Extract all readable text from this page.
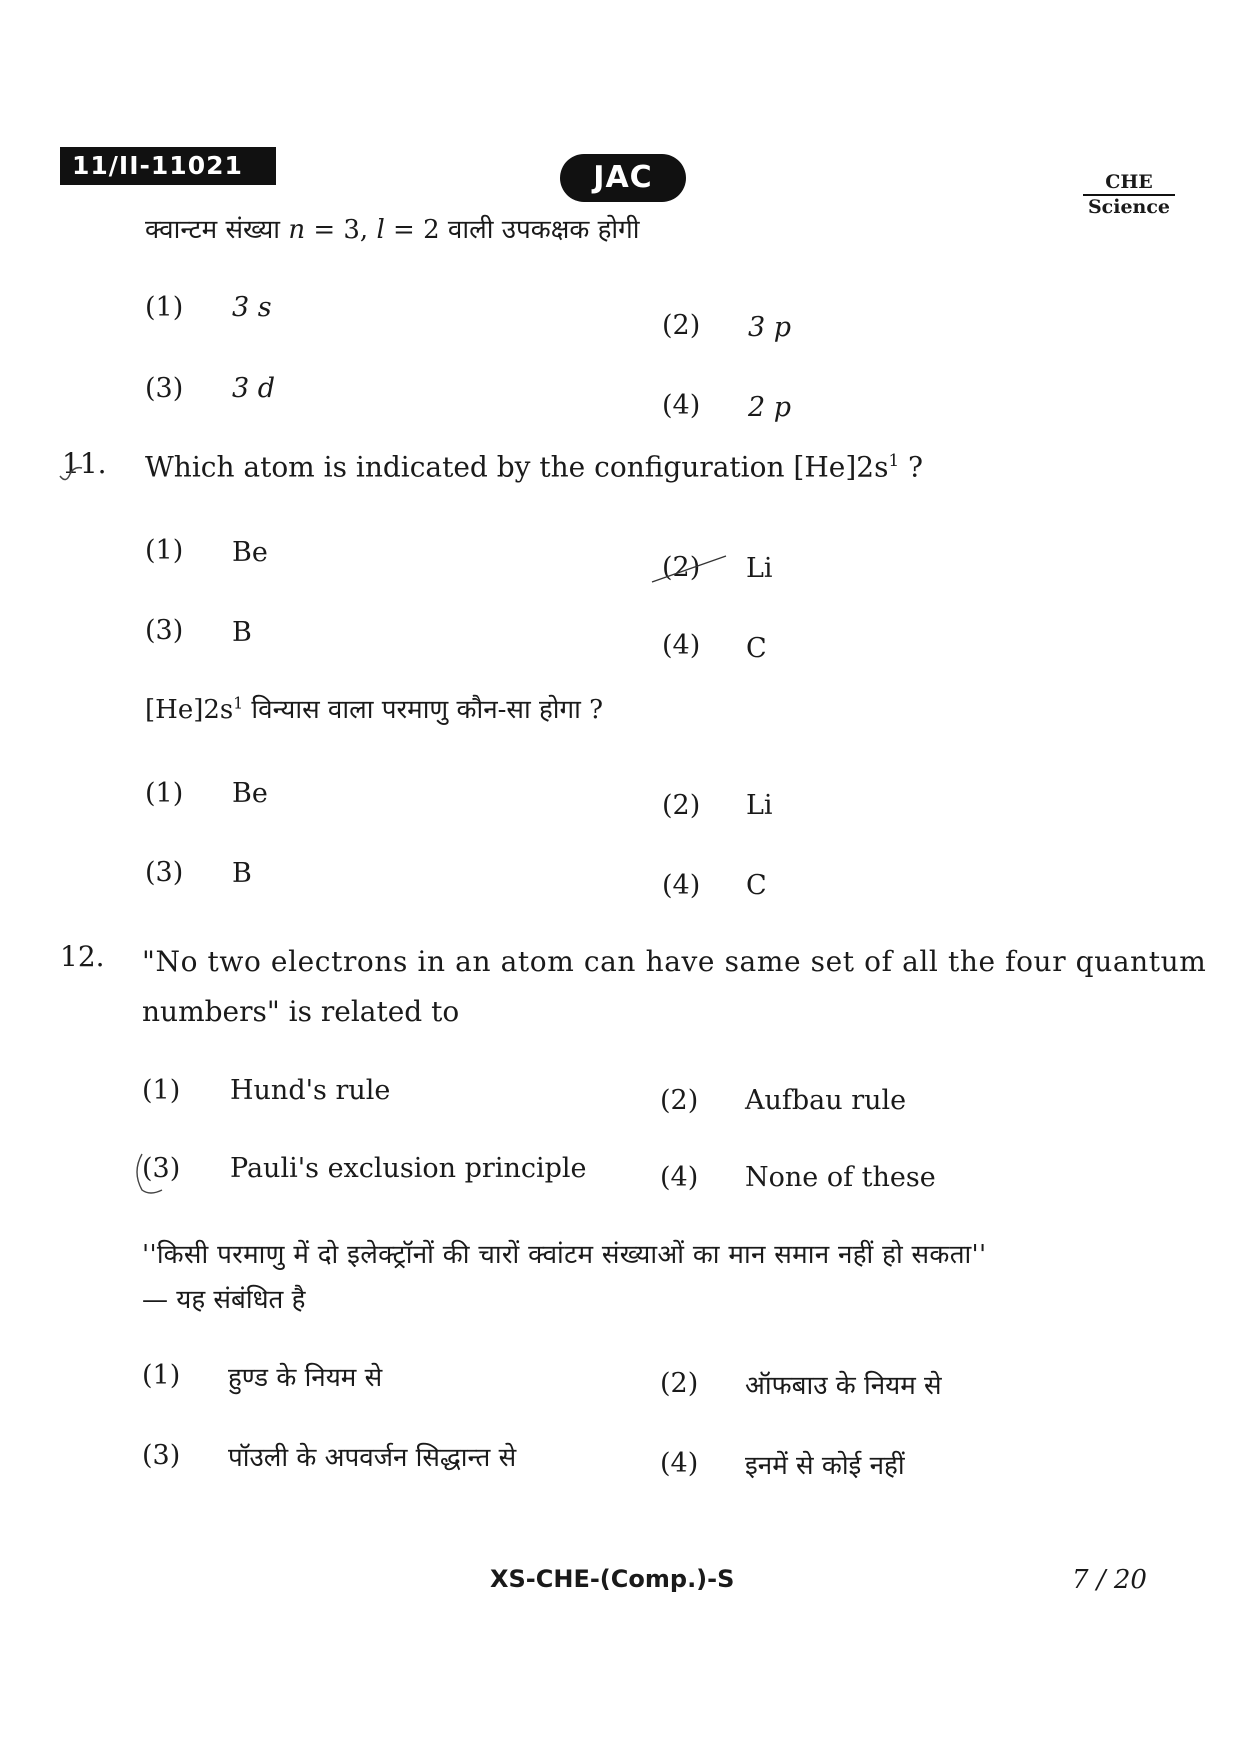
11/II-11021	JAC	CHE
Science
क्वान्टम संख्या n = 3, l = 2 वाली उपकक्षक होगी
(1) 3 s
(2) 3 p
(3) 3 d
(4) 2 p
11. Which atom is indicated by the configuration $[He]2s^1$ ?
(1) Be	(2) Li
(3) B	(4) C
$[He]2s^1$ विन्यास वाला परमाणु कौन-सा होगा ?
(1) Be	(2) Li
(3) B	(4) C
12. "No two electrons in an atom can have same set of all the four quantum
numbers" is related to
(1) Hund's rule	(2) Aufbau rule
(3) Pauli's exclusion principle	(4) None of these
''किसी परमाणु में दो इलेक्ट्रॉनों की चारों क्वांटम संख्याओं का मान समान नहीं हो सकता''
— यह संबंधित है
(1) हुण्ड के नियम से	(2) ऑफबाउ के नियम से
(3) पॉउली के अपवर्जन सिद्धान्त से	(4) इनमें से कोई नहीं
XS-CHE-(Comp.)-S	7 / 20
